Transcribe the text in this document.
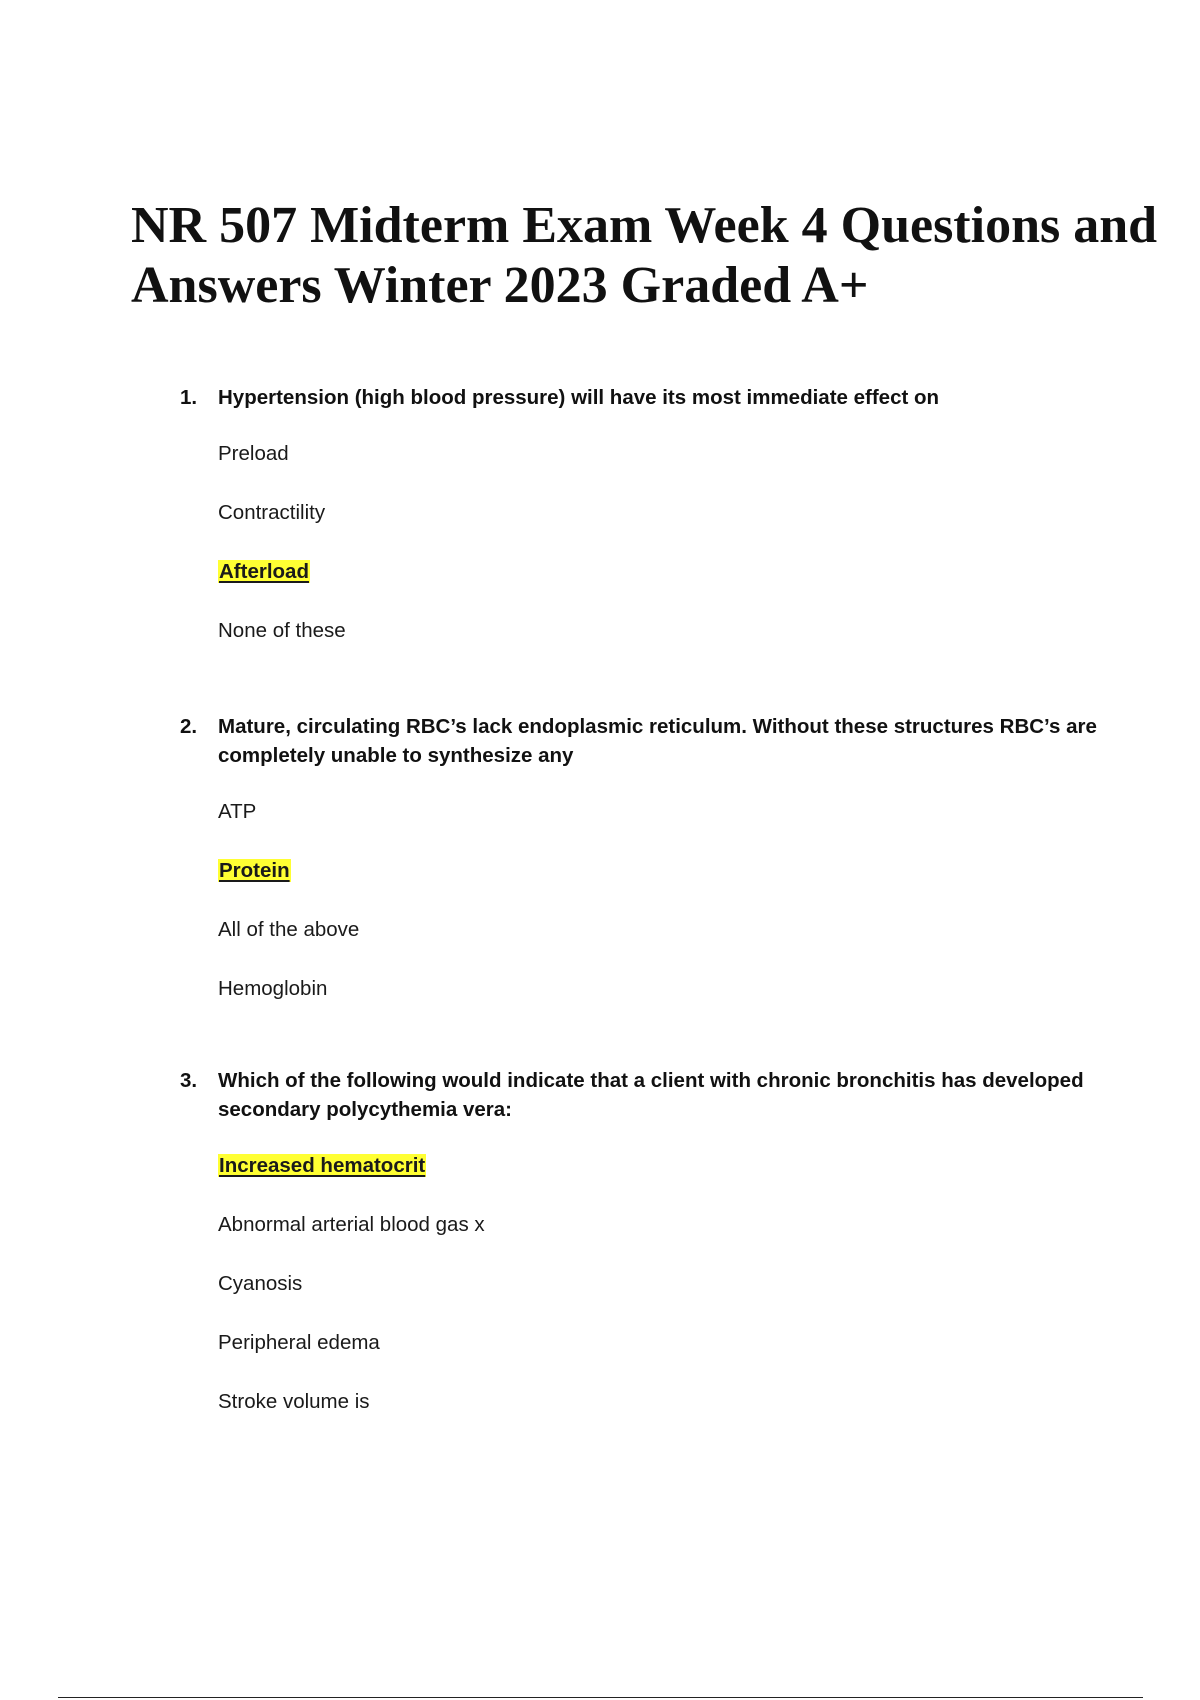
NR 507 Midterm Exam Week 4 Questions and
Answers Winter 2023 Graded A+

1. Hypertension (high blood pressure) will have its most immediate effect on

Preload
Contractility
Afterload
None of these

2. Mature, circulating RBC’s lack endoplasmic reticulum. Without these structures RBC’s are completely unable to synthesize any

ATP
Protein
All of the above
Hemoglobin

3. Which of the following would indicate that a client with chronic bronchitis has developed secondary polycythemia vera:

Increased hematocrit
Abnormal arterial blood gas x
Cyanosis
Peripheral edema
Stroke volume is
